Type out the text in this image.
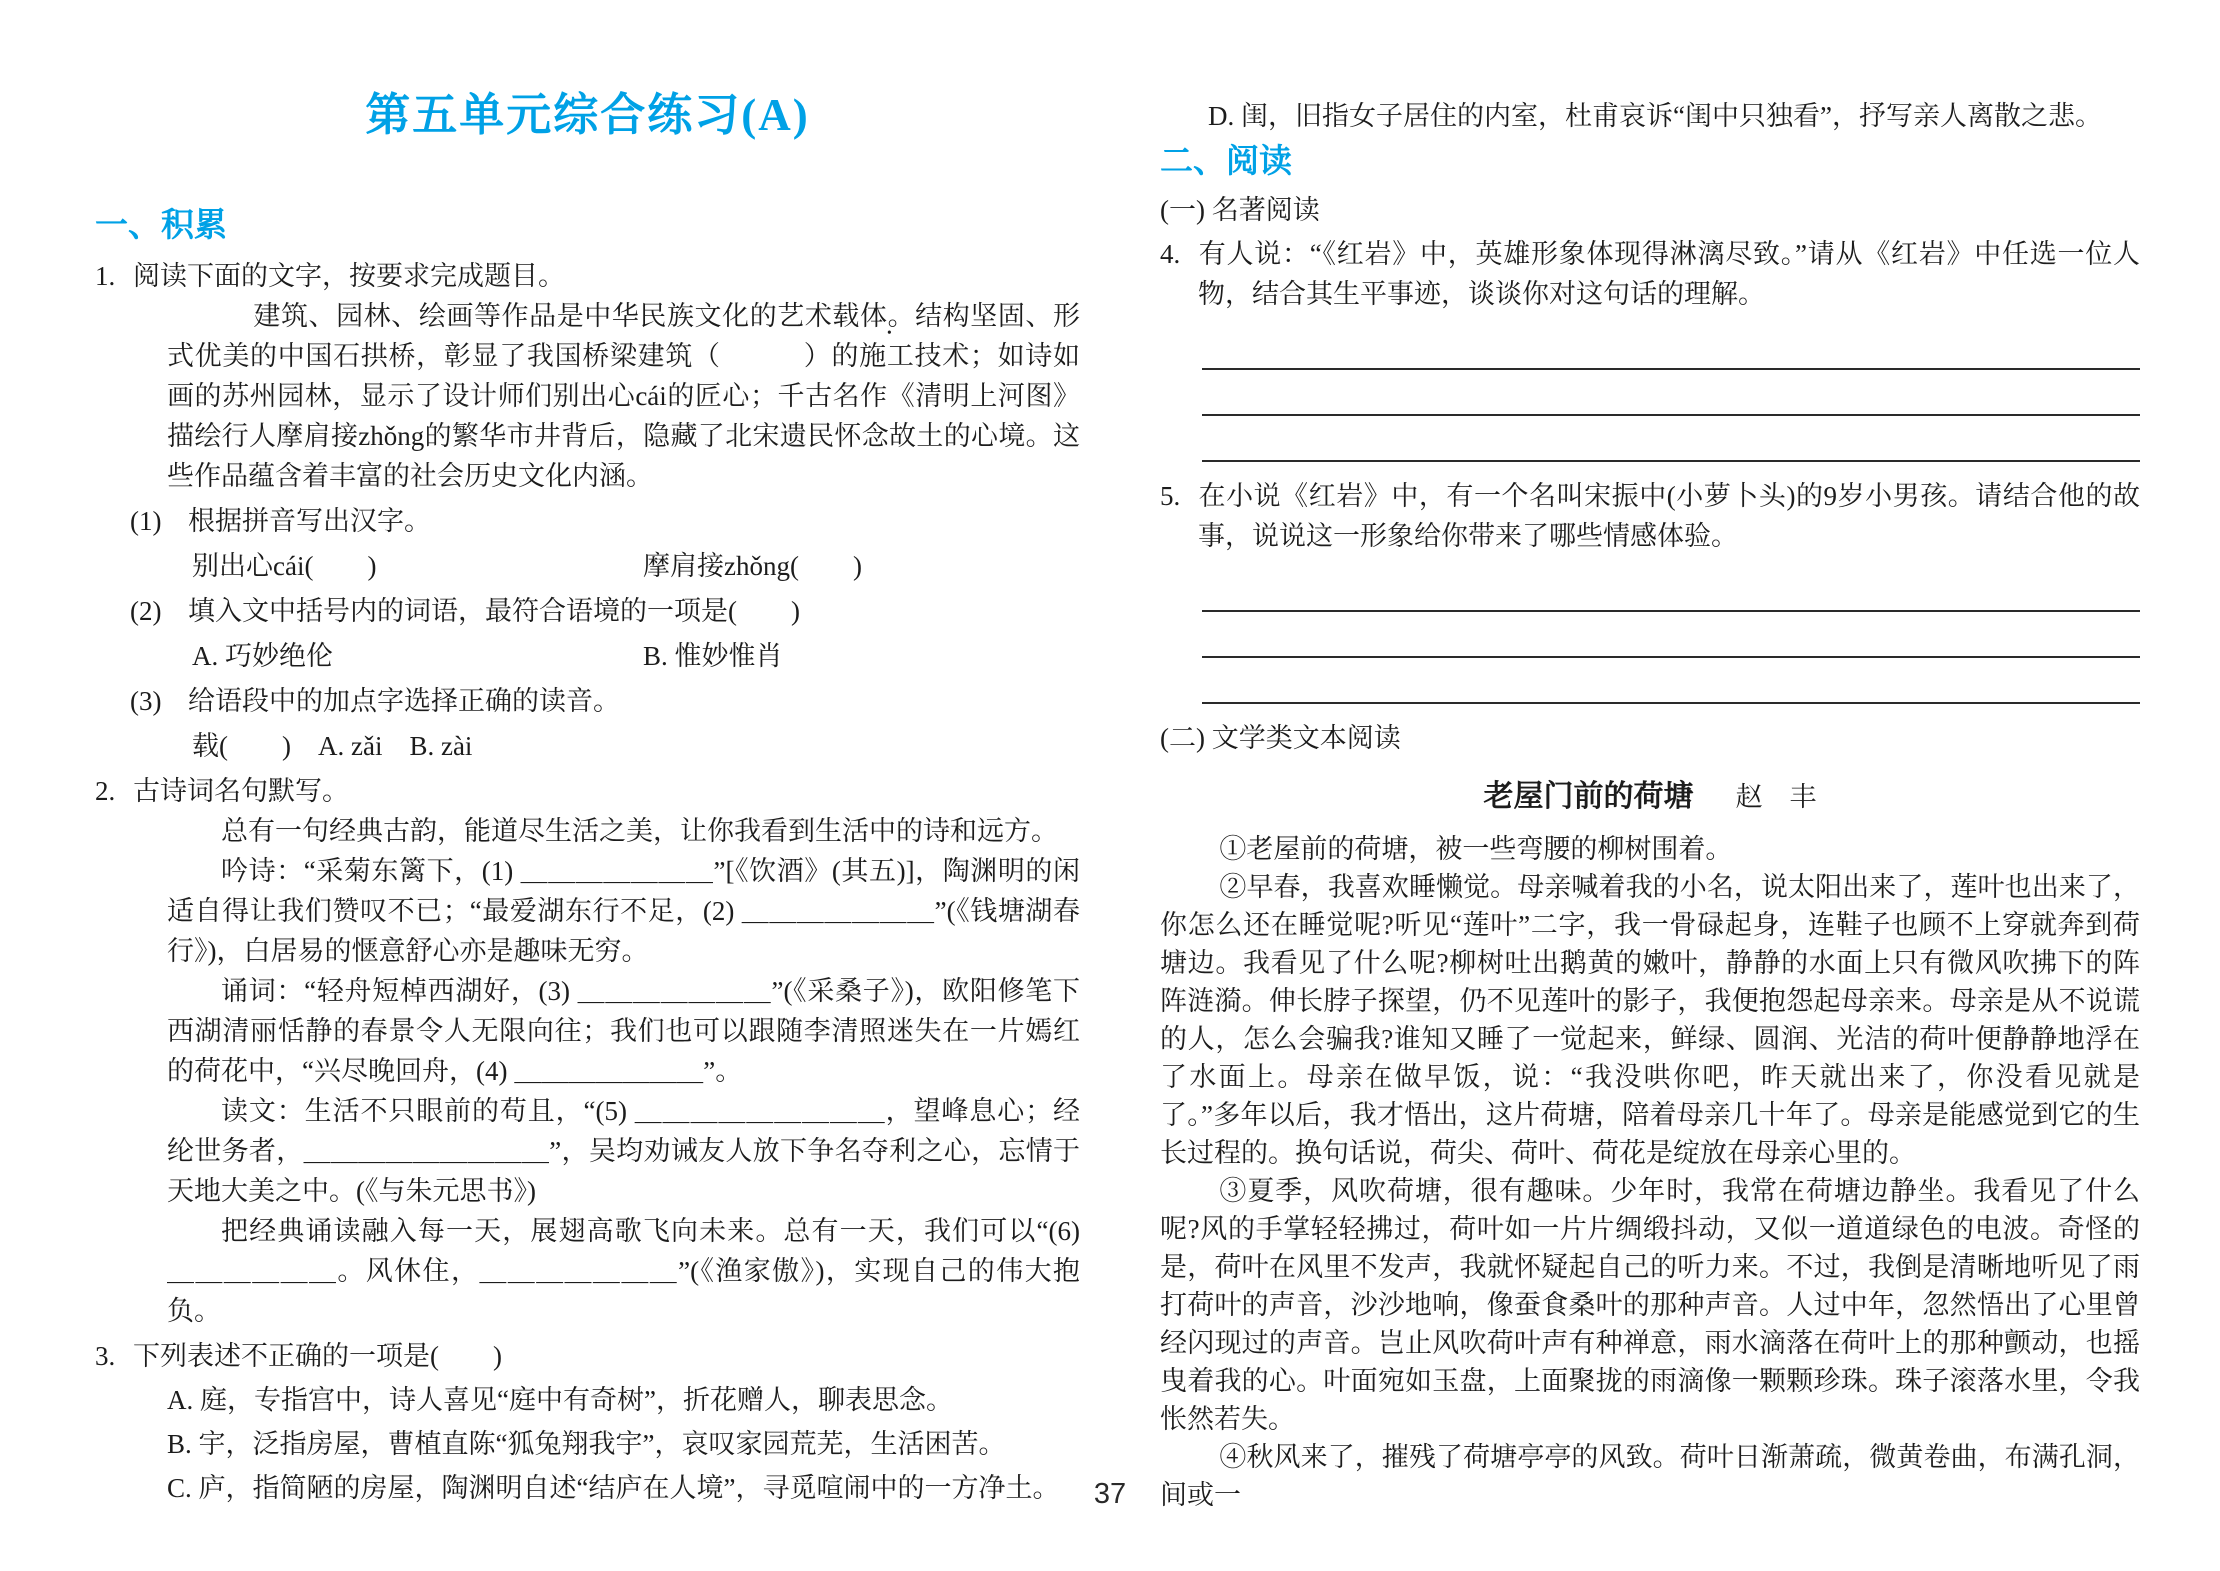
第五单元综合练习(A)
一、积累

1. 阅读下面的文字，按要求完成题目。

建筑、园林、绘画等作品是中华民族文化的艺术载体。结构坚固、形式优美的中国石拱桥，彰显了我国桥梁建筑（　　　）的施工技术；如诗如画的苏州园林，显示了设计师们别出心cái的匠心；千古名作《清明上河图》描绘行人摩肩接zhǒng的繁华市井背后，隐藏了北宋遗民怀念故土的心境。这些作品蕴含着丰富的社会历史文化内涵。

(1) 根据拼音写出汉字。

别出心cái(　　)	摩肩接zhǒng(　　)

(2) 填入文中括号内的词语，最符合语境的一项是(　　)

A. 巧妙绝伦	B. 惟妙惟肖

(3) 给语段中的加点字选择正确的读音。

载(　　)　A. zǎi　B. zài

2. 古诗词名句默写。

总有一句经典古韵，能道尽生活之美，让你我看到生活中的诗和远方。

吟诗：“采菊东篱下，(1) ＿＿＿＿＿＿＿”[《饮酒》(其五)]，陶渊明的闲适自得让我们赞叹不已；“最爱湖东行不足，(2) ＿＿＿＿＿＿＿”(《钱塘湖春行》)，白居易的惬意舒心亦是趣味无穷。

诵词：“轻舟短棹西湖好，(3) ＿＿＿＿＿＿＿”(《采桑子》)，欧阳修笔下西湖清丽恬静的春景令人无限向往；我们也可以跟随李清照迷失在一片嫣红的荷花中，“兴尽晚回舟，(4) ＿＿＿＿＿＿＿”。

读文：生活不只眼前的苟且，“(5) ＿＿＿＿＿＿＿＿＿，望峰息心；经纶世务者，＿＿＿＿＿＿＿＿＿”，吴均劝诫友人放下争名夺利之心，忘情于天地大美之中。(《与朱元思书》)

把经典诵读融入每一天，展翅高歌飞向未来。总有一天，我们可以“(6) ＿＿＿＿＿＿。风休住，＿＿＿＿＿＿＿”(《渔家傲》)，实现自己的伟大抱负。

3. 下列表述不正确的一项是(　　)

A. 庭，专指宫中，诗人喜见“庭中有奇树”，折花赠人，聊表思念。

B. 宇，泛指房屋，曹植直陈“狐兔翔我宇”，哀叹家园荒芜，生活困苦。

C. 庐，指简陋的房屋，陶渊明自述“结庐在人境”，寻觅喧闹中的一方净土。

D. 闺，旧指女子居住的内室，杜甫哀诉“闺中只独看”，抒写亲人离散之悲。

二、阅读

(一) 名著阅读

4. 有人说：“《红岩》中，英雄形象体现得淋漓尽致。”请从《红岩》中任选一位人物，结合其生平事迹，谈谈你对这句话的理解。

5. 在小说《红岩》中，有一个名叫宋振中(小萝卜头)的9岁小男孩。请结合他的故事，说说这一形象给你带来了哪些情感体验。

(二) 文学类文本阅读

老屋门前的荷塘 赵　丰

①老屋前的荷塘，被一些弯腰的柳树围着。

②早春，我喜欢睡懒觉。母亲喊着我的小名，说太阳出来了，莲叶也出来了，你怎么还在睡觉呢?听见“莲叶”二字，我一骨碌起身，连鞋子也顾不上穿就奔到荷塘边。我看见了什么呢?柳树吐出鹅黄的嫩叶，静静的水面上只有微风吹拂下的阵阵涟漪。伸长脖子探望，仍不见莲叶的影子，我便抱怨起母亲来。母亲是从不说谎的人，怎么会骗我?谁知又睡了一觉起来，鲜绿、圆润、光洁的荷叶便静静地浮在了水面上。母亲在做早饭，说：“我没哄你吧，昨天就出来了，你没看见就是了。”多年以后，我才悟出，这片荷塘，陪着母亲几十年了。母亲是能感觉到它的生长过程的。换句话说，荷尖、荷叶、荷花是绽放在母亲心里的。

③夏季，风吹荷塘，很有趣味。少年时，我常在荷塘边静坐。我看见了什么呢?风的手掌轻轻拂过，荷叶如一片片绸缎抖动，又似一道道绿色的电波。奇怪的是，荷叶在风里不发声，我就怀疑起自己的听力来。不过，我倒是清晰地听见了雨打荷叶的声音，沙沙地响，像蚕食桑叶的那种声音。人过中年，忽然悟出了心里曾经闪现过的声音。岂止风吹荷叶声有种禅意，雨水滴落在荷叶上的那种颤动，也摇曳着我的心。叶面宛如玉盘，上面聚拢的雨滴像一颗颗珍珠。珠子滚落水里，令我怅然若失。

④秋风来了，摧残了荷塘亭亭的风致。荷叶日渐萧疏，微黄卷曲，布满孔洞，间或一

37
